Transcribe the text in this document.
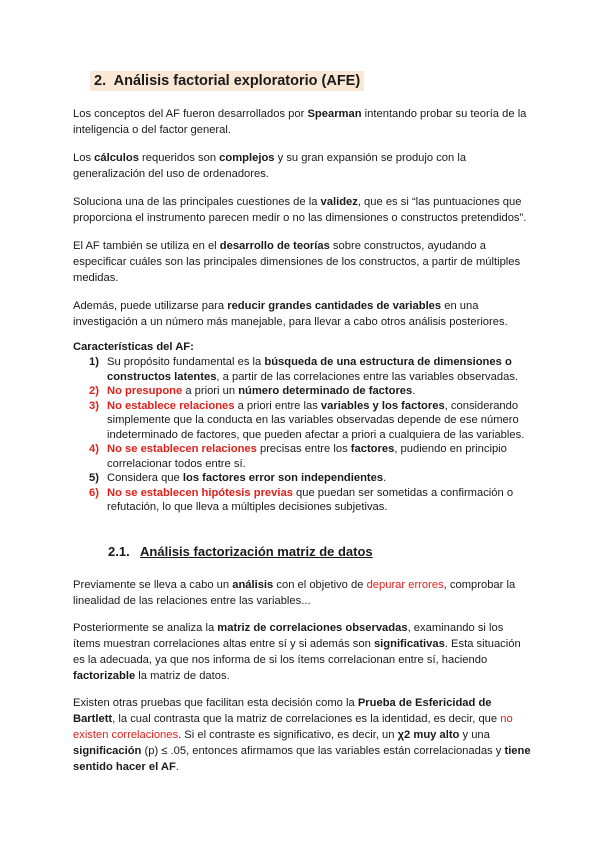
2. Análisis factorial exploratorio (AFE)
Los conceptos del AF fueron desarrollados por Spearman intentando probar su teoría de la inteligencia o del factor general.
Los cálculos requeridos son complejos y su gran expansión se produjo con la generalización del uso de ordenadores.
Soluciona una de las principales cuestiones de la validez, que es si “las puntuaciones que proporciona el instrumento parecen medir o no las dimensiones o constructos pretendidos”.
El AF también se utiliza en el desarrollo de teorías sobre constructos, ayudando a especificar cuáles son las principales dimensiones de los constructos, a partir de múltiples medidas.
Además, puede utilizarse para reducir grandes cantidades de variables en una investigación a un número más manejable, para llevar a cabo otros análisis posteriores.
Características del AF:
1) Su propósito fundamental es la búsqueda de una estructura de dimensiones o constructos latentes, a partir de las correlaciones entre las variables observadas.
2) No presupone a priori un número determinado de factores.
3) No establece relaciones a priori entre las variables y los factores, considerando simplemente que la conducta en las variables observadas depende de ese número indeterminado de factores, que pueden afectar a priori a cualquiera de las variables.
4) No se establecen relaciones precisas entre los factores, pudiendo en principio correlacionar todos entre sí.
5) Considera que los factores error son independientes.
6) No se establecen hipótesis previas que puedan ser sometidas a confirmación o refutación, lo que lleva a múltiples decisiones subjetivas.
2.1. Análisis factorización matriz de datos
Previamente se lleva a cabo un análisis con el objetivo de depurar errores, comprobar la linealidad de las relaciones entre las variables...
Posteriormente se analiza la matriz de correlaciones observadas, examinando si los ítems muestran correlaciones altas entre sí y si además son significativas. Esta situación es la adecuada, ya que nos informa de si los ítems correlacionan entre sí, haciendo factorizable la matriz de datos.
Existen otras pruebas que facilitan esta decisión como la Prueba de Esfericidad de Bartlett, la cual contrasta que la matriz de correlaciones es la identidad, es decir, que no existen correlaciones. Si el contraste es significativo, es decir, un χ2 muy alto y una significación (p) ≤ .05, entonces afirmamos que las variables están correlacionadas y tiene sentido hacer el AF.
